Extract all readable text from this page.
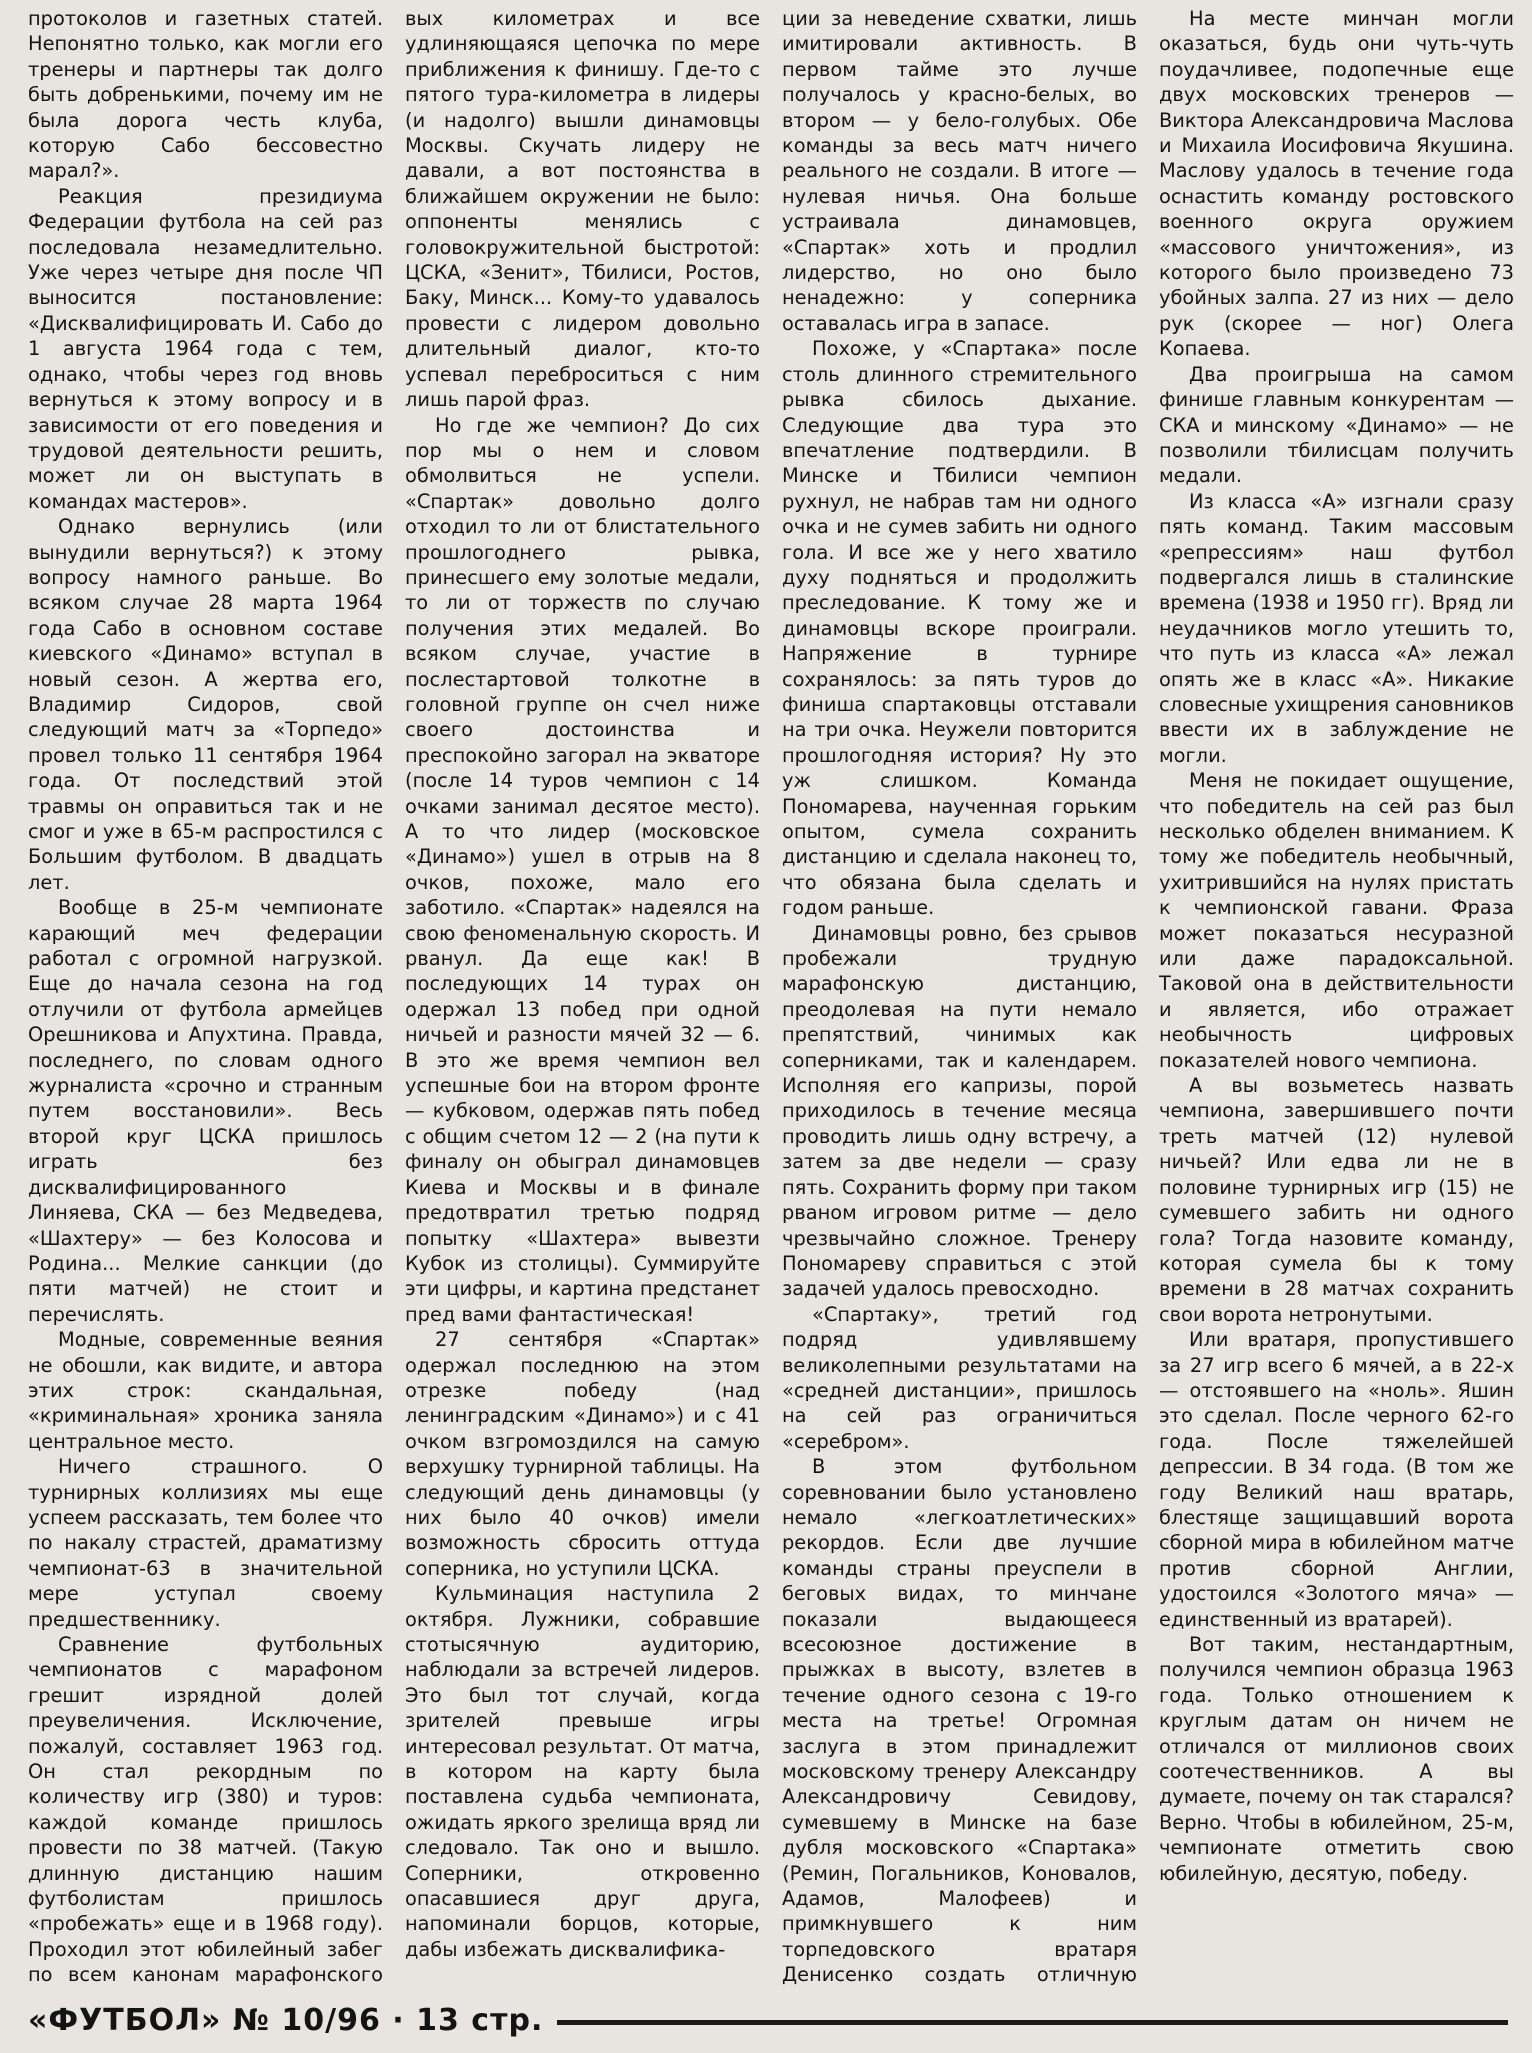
протоколов и газетных статей. Непонятно только, как могли его тренеры и партнеры так долго быть добренькими, почему им не была дорога честь клуба, которую Сабо бессовестно марал?».

Реакция президиума Федерации футбола на сей раз последовала незамедлительно. Уже через четыре дня после ЧП выносится постановление: «Дисквалифицировать И. Сабо до 1 августа 1964 года с тем, однако, чтобы через год вновь вернуться к этому вопросу и в зависимости от его поведения и трудовой деятельности решить, может ли он выступать в командах мастеров».

Однако вернулись (или вынудили вернуться?) к этому вопросу намного раньше. Во всяком случае 28 марта 1964 года Сабо в основном составе киевского «Динамо» вступал в новый сезон. А жертва его, Владимир Сидоров, свой следующий матч за «Торпедо» провел только 11 сентября 1964 года. От последствий этой травмы он оправиться так и не смог и уже в 65-м распростился с Большим футболом. В двадцать лет.

Вообще в 25-м чемпионате карающий меч федерации работал с огромной нагрузкой. Еще до начала сезона на год отлучили от футбола армейцев Орешникова и Апухтина. Правда, последнего, по словам одного журналиста «срочно и странным путем восстановили». Весь второй круг ЦСКА пришлось играть без дисквалифицированного Линяева, СКА — без Медведева, «Шахтеру» — без Колосова и Родина... Мелкие санкции (до пяти матчей) не стоит и перечислять.

Модные, современные веяния не обошли, как видите, и автора этих строк: скандальная, «криминальная» хроника заняла центральное место.

Ничего страшного. О турнирных коллизиях мы еще успеем рассказать, тем более что по накалу страстей, драматизму чемпионат-63 в значительной мере уступал своему предшественнику.

Сравнение футбольных чемпионатов с марафоном грешит изрядной долей преувеличения. Исключение, пожалуй, составляет 1963 год. Он стал рекордным по количеству игр (380) и туров: каждой команде пришлось провести по 38 матчей. (Такую длинную дистанцию нашим футболистам пришлось «пробежать» еще и в 1968 году). Проходил этот юбилейный забег по всем канонам марафонского

вых километрах и все удлиняющаяся цепочка по мере приближения к финишу. Где-то с пятого тура-километра в лидеры (и надолго) вышли динамовцы Москвы. Скучать лидеру не давали, а вот постоянства в ближайшем окружении не было: оппоненты менялись с головокружительной быстротой: ЦСКА, «Зенит», Тбилиси, Ростов, Баку, Минск... Кому-то удавалось провести с лидером довольно длительный диалог, кто-то успевал переброситься с ним лишь парой фраз.

Но где же чемпион? До сих пор мы о нем и словом обмолвиться не успели. «Спартак» довольно долго отходил то ли от блистательного прошлогоднего рывка, принесшего ему золотые медали, то ли от торжеств по случаю получения этих медалей. Во всяком случае, участие в послестартовой толкотне в головной группе он счел ниже своего достоинства и преспокойно загорал на экваторе (после 14 туров чемпион с 14 очками занимал десятое место). А то что лидер (московское «Динамо») ушел в отрыв на 8 очков, похоже, мало его заботило. «Спартак» надеялся на свою феноменальную скорость. И рванул. Да еще как! В последующих 14 турах он одержал 13 побед при одной ничьей и разности мячей 32 — 6. В это же время чемпион вел успешные бои на втором фронте — кубковом, одержав пять побед с общим счетом 12 — 2 (на пути к финалу он обыграл динамовцев Киева и Москвы и в финале предотвратил третью подряд попытку «Шахтера» вывезти Кубок из столицы). Суммируйте эти цифры, и картина предстанет пред вами фантастическая!

27 сентября «Спартак» одержал последнюю на этом отрезке победу (над ленинградским «Динамо») и с 41 очком взгромоздился на самую верхушку турнирной таблицы. На следующий день динамовцы (у них было 40 очков) имели возможность сбросить оттуда соперника, но уступили ЦСКА.

Кульминация наступила 2 октября. Лужники, собравшие стотысячную аудиторию, наблюдали за встречей лидеров. Это был тот случай, когда зрителей превыше игры интересовал результат. От матча, в котором на карту была поставлена судьба чемпионата, ожидать яркого зрелища вряд ли следовало. Так оно и вышло. Соперники, откровенно опасавшиеся друг друга, напоминали борцов, которые, дабы избежать дисквалифика-

ции за неведение схватки, лишь имитировали активность. В первом тайме это лучше получалось у красно-белых, во втором — у бело-голубых. Обе команды за весь матч ничего реального не создали. В итоге — нулевая ничья. Она больше устраивала динамовцев, «Спартак» хоть и продлил лидерство, но оно было ненадежно: у соперника оставалась игра в запасе.

Похоже, у «Спартака» после столь длинного стремительного рывка сбилось дыхание. Следующие два тура это впечатление подтвердили. В Минске и Тбилиси чемпион рухнул, не набрав там ни одного очка и не сумев забить ни одного гола. И все же у него хватило духу подняться и продолжить преследование. К тому же и динамовцы вскоре проиграли. Напряжение в турнире сохранялось: за пять туров до финиша спартаковцы отставали на три очка. Неужели повторится прошлогодняя история? Ну это уж слишком. Команда Пономарева, наученная горьким опытом, сумела сохранить дистанцию и сделала наконец то, что обязана была сделать и годом раньше.

Динамовцы ровно, без срывов пробежали трудную марафонскую дистанцию, преодолевая на пути немало препятствий, чинимых как соперниками, так и календарем. Исполняя его капризы, порой приходилось в течение месяца проводить лишь одну встречу, а затем за две недели — сразу пять. Сохранить форму при таком рваном игровом ритме — дело чрезвычайно сложное. Тренеру Пономареву справиться с этой задачей удалось превосходно.

«Спартаку», третий год подряд удивлявшему великолепными результатами на «средней дистанции», пришлось на сей раз ограничиться «серебром».

В этом футбольном соревновании было установлено немало «легкоатлетических» рекордов. Если две лучшие команды страны преуспели в беговых видах, то минчане показали выдающееся всесоюзное достижение в прыжках в высоту, взлетев в течение одного сезона с 19-го места на третье! Огромная заслуга в этом принадлежит московскому тренеру Александру Александровичу Севидову, сумевшему в Минске на базе дубля московского «Спартака» (Ремин, Погальников, Коновалов, Адамов, Малофеев) и примкнувшего к ним торпедовского вратаря Денисенко создать отличную

На месте минчан могли оказаться, будь они чуть-чуть поудачливее, подопечные еще двух московских тренеров — Виктора Александровича Маслова и Михаила Иосифовича Якушина. Маслову удалось в течение года оснастить команду ростовского военного округа оружием «массового уничтожения», из которого было произведено 73 убойных залпа. 27 из них — дело рук (скорее — ног) Олега Копаева.

Два проигрыша на самом финише главным конкурентам — СКА и минскому «Динамо» — не позволили тбилисцам получить медали.

Из класса «А» изгнали сразу пять команд. Таким массовым «репрессиям» наш футбол подвергался лишь в сталинские времена (1938 и 1950 гг). Вряд ли неудачников могло утешить то, что путь из класса «А» лежал опять же в класс «А». Никакие словесные ухищрения сановников ввести их в заблуждение не могли.

Меня не покидает ощущение, что победитель на сей раз был несколько обделен вниманием. К тому же победитель необычный, ухитрившийся на нулях пристать к чемпионской гавани. Фраза может показаться несуразной или даже парадоксальной. Таковой она в действительности и является, ибо отражает необычность цифровых показателей нового чемпиона.

А вы возьметесь назвать чемпиона, завершившего почти треть матчей (12) нулевой ничьей? Или едва ли не в половине турнирных игр (15) не сумевшего забить ни одного гола? Тогда назовите команду, которая сумела бы к тому времени в 28 матчах сохранить свои ворота нетронутыми.

Или вратаря, пропустившего за 27 игр всего 6 мячей, а в 22-х — отстоявшего на «ноль». Яшин это сделал. После черного 62-го года. После тяжелейшей депрессии. В 34 года. (В том же году Великий наш вратарь, блестяще защищавший ворота сборной мира в юбилейном матче против сборной Англии, удостоился «Золотого мяча» — единственный из вратарей).

Вот таким, нестандартным, получился чемпион образца 1963 года. Только отношением к круглым датам он ничем не отличался от миллионов своих соотечественников. А вы думаете, почему он так старался? Верно. Чтобы в юбилейном, 25-м, чемпионате отметить свою юбилейную, десятую, победу.

«ФУТБОЛ» № 10/96 · 13 стр.
